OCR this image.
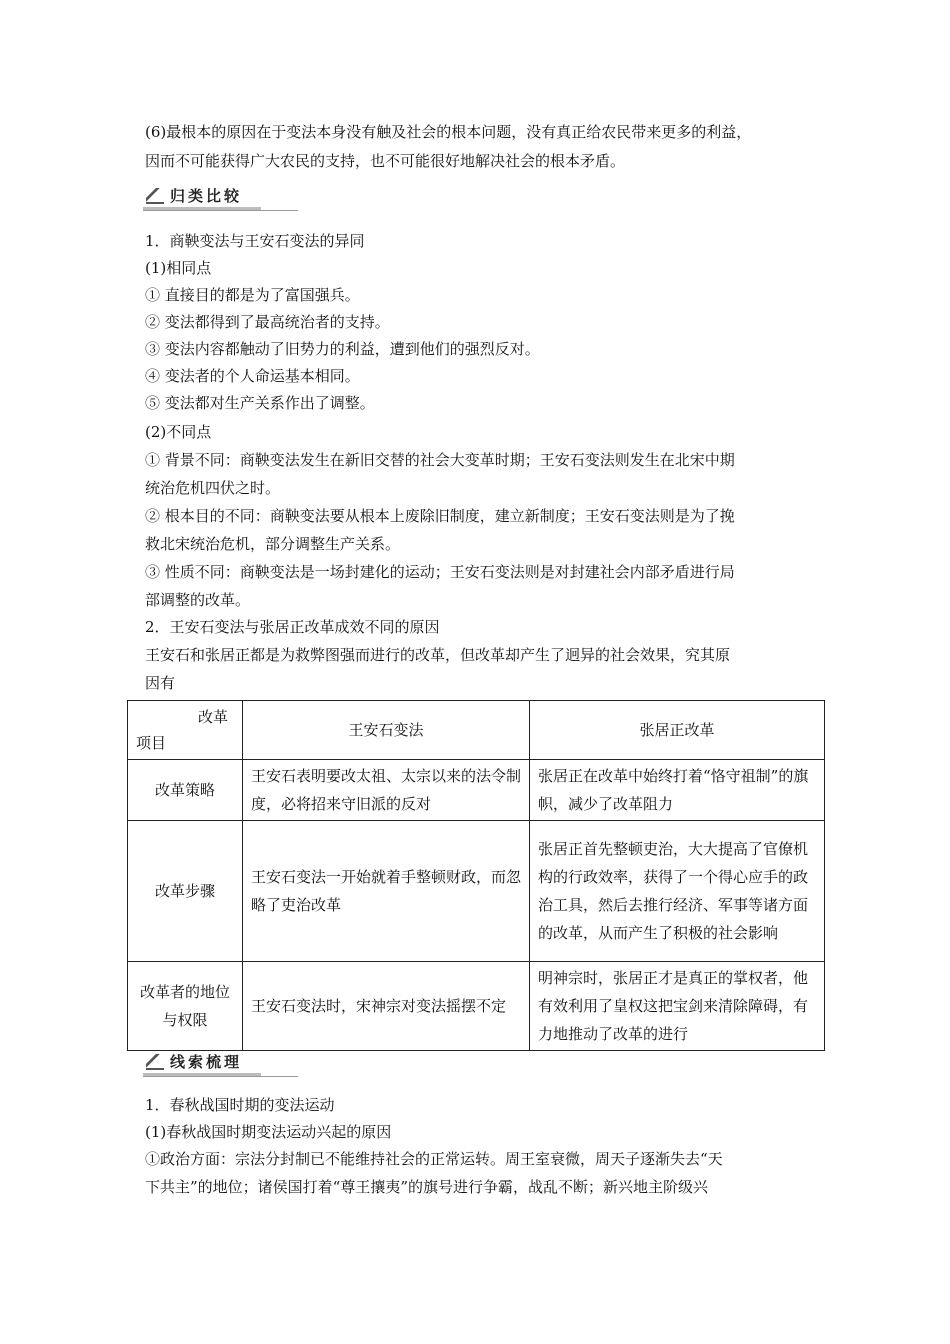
(6)最根本的原因在于变法本身没有触及社会的根本问题，没有真正给农民带来更多的利益，
因而不可能获得广大农民的支持，也不可能很好地解决社会的根本矛盾。
归类比较
1．商鞅变法与王安石变法的异同
(1)相同点
① 直接目的都是为了富国强兵。
② 变法都得到了最高统治者的支持。
③ 变法内容都触动了旧势力的利益，遭到他们的强烈反对。
④ 变法者的个人命运基本相同。
⑤ 变法都对生产关系作出了调整。
(2)不同点
① 背景不同：商鞅变法发生在新旧交替的社会大变革时期；王安石变法则发生在北宋中期
统治危机四伏之时。
② 根本目的不同：商鞅变法要从根本上废除旧制度，建立新制度；王安石变法则是为了挽
救北宋统治危机，部分调整生产关系。
③ 性质不同：商鞅变法是一场封建化的运动；王安石变法则是对封建社会内部矛盾进行局
部调整的改革。
2．王安石变法与张居正改革成效不同的原因
王安石和张居正都是为救弊图强而进行的改革，但改革却产生了迥异的社会效果，究其原
因有
改革
项目	王安石变法	张居正改革
改革策略	王安石表明要改太祖、太宗以来的法令制度，必将招来守旧派的反对	张居正在改革中始终打着“恪守祖制”的旗帜，减少了改革阻力
改革步骤	王安石变法一开始就着手整顿财政，而忽略了吏治改革	张居正首先整顿吏治，大大提高了官僚机构的行政效率，获得了一个得心应手的政治工具，然后去推行经济、军事等诸方面的改革，从而产生了积极的社会影响
改革者的地位与权限	王安石变法时，宋神宗对变法摇摆不定	明神宗时，张居正才是真正的掌权者，他有效利用了皇权这把宝剑来清除障碍，有力地推动了改革的进行
线索梳理
1．春秋战国时期的变法运动
(1)春秋战国时期变法运动兴起的原因
①政治方面：宗法分封制已不能维持社会的正常运转。周王室衰微，周天子逐渐失去“天
下共主”的地位；诸侯国打着“尊王攘夷”的旗号进行争霸，战乱不断；新兴地主阶级兴
